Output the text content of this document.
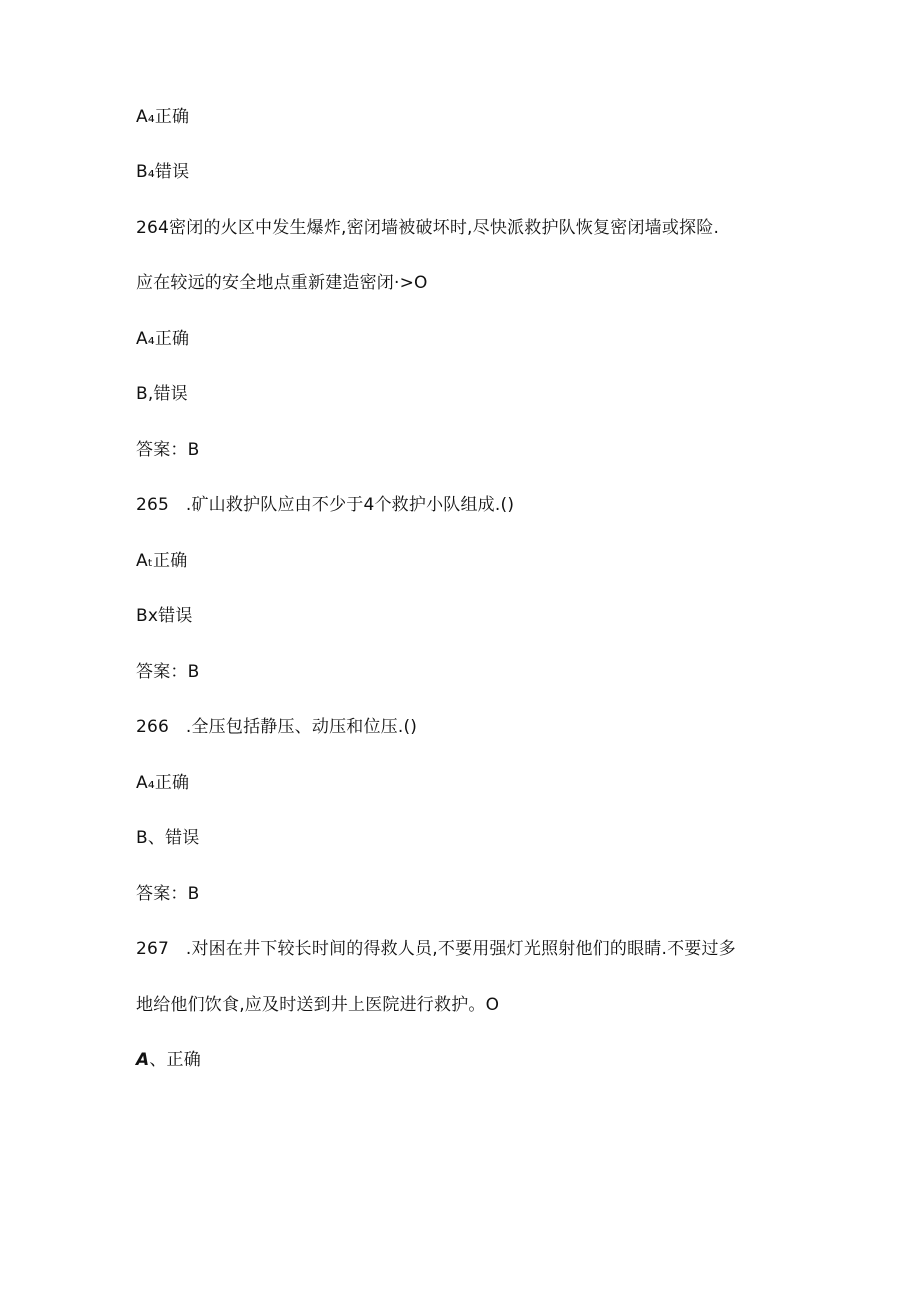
A₄正确
B₄错误
264密闭的火区中发生爆炸,密闭墙被破坏时,尽快派救护队恢复密闭墙或探险.
应在较远的安全地点重新建造密闭·>O
A₄正确
B,错误
答案：B
265   .矿山救护队应由不少于4个救护小队组成.()
Aₜ正确
Bx错误
答案：B
266   .全压包括静压、动压和位压.()
A₄正确
B、错误
答案：B
267   .对困在井下较长时间的得救人员,不要用强灯光照射他们的眼睛.不要过多
地给他们饮食,应及时送到井上医院进行救护。O
A、正确
